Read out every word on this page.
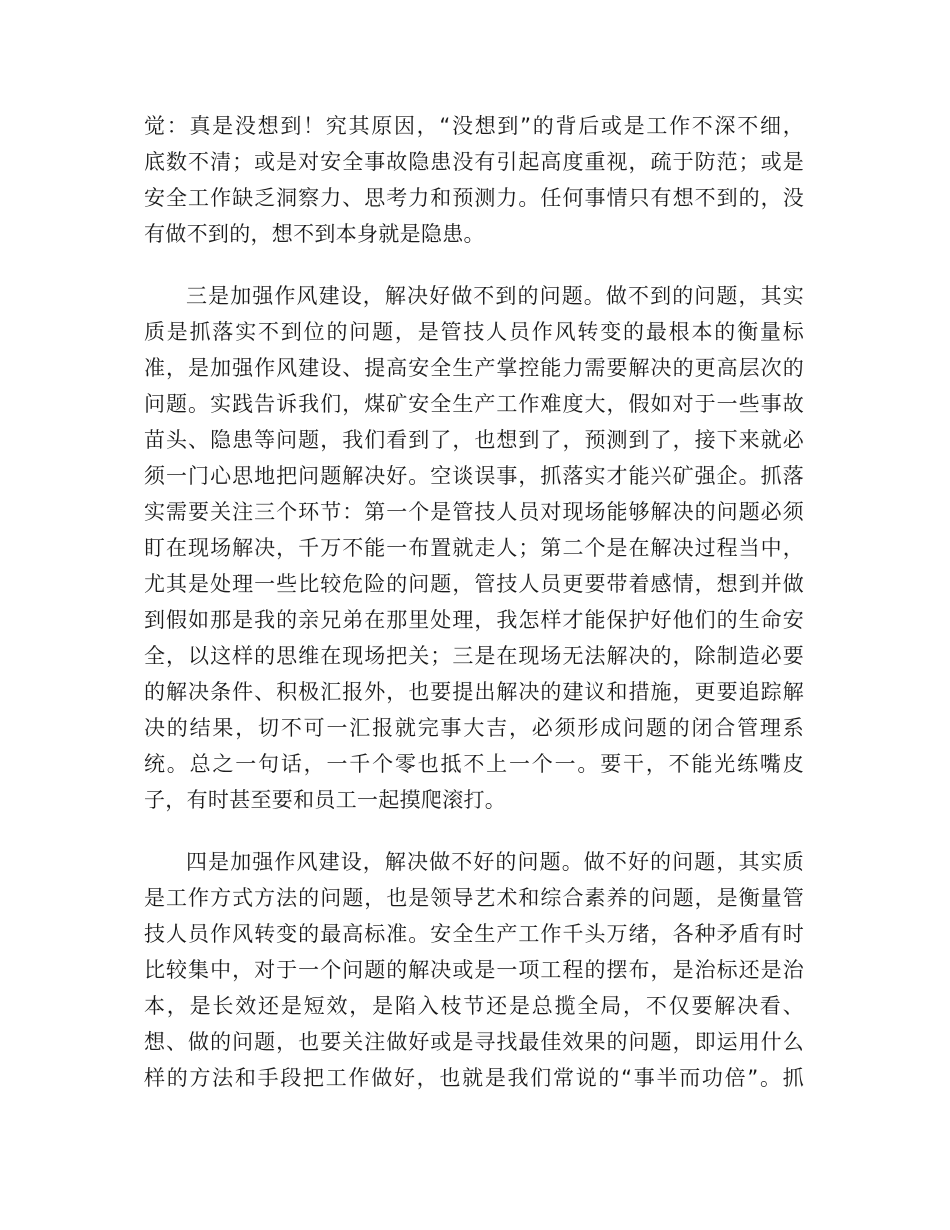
觉：真是没想到！究其原因，“没想到”的背后或是工作不深不细，
底数不清；或是对安全事故隐患没有引起高度重视，疏于防范；或是
安全工作缺乏洞察力、思考力和预测力。任何事情只有想不到的，没
有做不到的，想不到本身就是隐患。
三是加强作风建设，解决好做不到的问题。做不到的问题，其实
质是抓落实不到位的问题，是管技人员作风转变的最根本的衡量标
准，是加强作风建设、提高安全生产掌控能力需要解决的更高层次的
问题。实践告诉我们，煤矿安全生产工作难度大，假如对于一些事故
苗头、隐患等问题，我们看到了，也想到了，预测到了，接下来就必
须一门心思地把问题解决好。空谈误事，抓落实才能兴矿强企。抓落
实需要关注三个环节：第一个是管技人员对现场能够解决的问题必须
盯在现场解决，千万不能一布置就走人；第二个是在解决过程当中，
尤其是处理一些比较危险的问题，管技人员更要带着感情，想到并做
到假如那是我的亲兄弟在那里处理，我怎样才能保护好他们的生命安
全，以这样的思维在现场把关；三是在现场无法解决的，除制造必要
的解决条件、积极汇报外，也要提出解决的建议和措施，更要追踪解
决的结果，切不可一汇报就完事大吉，必须形成问题的闭合管理系
统。总之一句话，一千个零也抵不上一个一。要干，不能光练嘴皮
子，有时甚至要和员工一起摸爬滚打。
四是加强作风建设，解决做不好的问题。做不好的问题，其实质
是工作方式方法的问题，也是领导艺术和综合素养的问题，是衡量管
技人员作风转变的最高标准。安全生产工作千头万绪，各种矛盾有时
比较集中，对于一个问题的解决或是一项工程的摆布，是治标还是治
本，是长效还是短效，是陷入枝节还是总揽全局，不仅要解决看、
想、做的问题，也要关注做好或是寻找最佳效果的问题，即运用什么
样的方法和手段把工作做好，也就是我们常说的“事半而功倍”。抓
